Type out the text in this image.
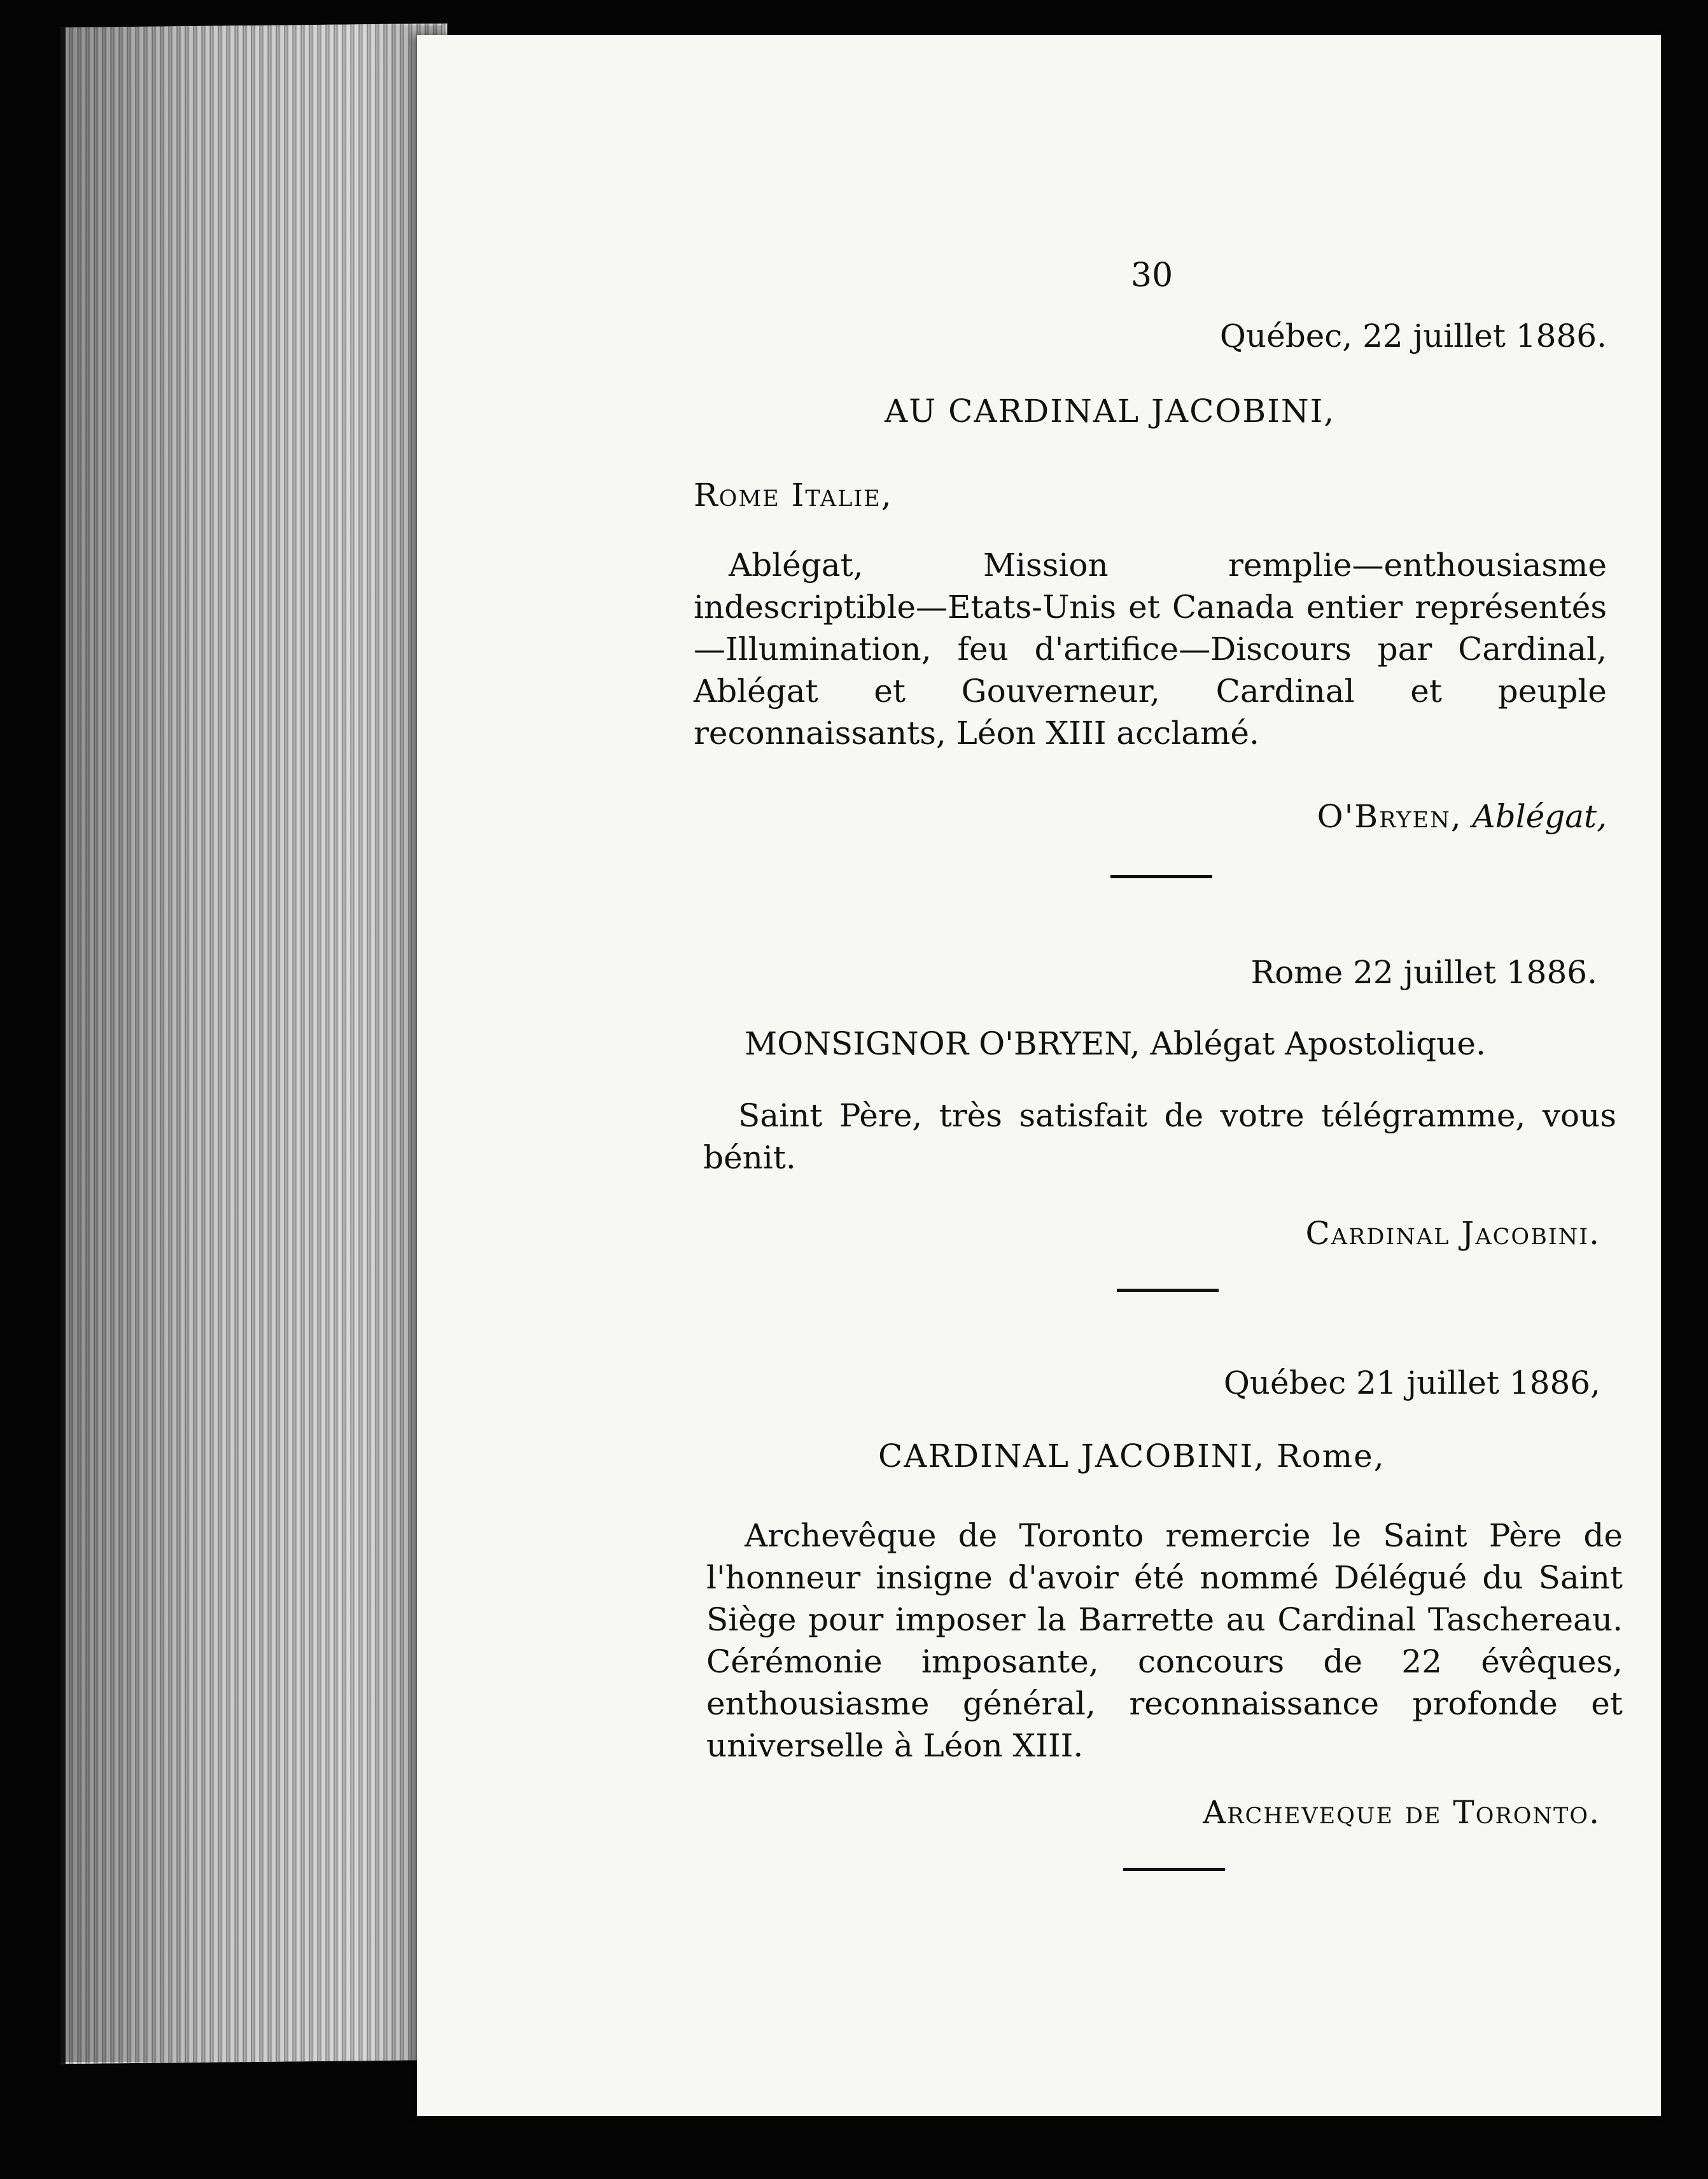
30
Québec, 22 juillet 1886.
AU CARDINAL JACOBINI,
Rome Italie,
Ablégat, Mission remplie—enthousiasme indescriptible—Etats-Unis et Canada entier représentés—Illumination, feu d'artifice—Discours par Cardinal, Ablégat et Gouverneur, Cardinal et peuple reconnaissants, Léon XIII acclamé.
O'Bryen, Ablégat,
Rome 22 juillet 1886.
MONSIGNOR O'BRYEN, Ablégat Apostolique.
Saint Père, très satisfait de votre télégramme, vous bénit.
Cardinal Jacobini.
Québec 21 juillet 1886,
CARDINAL JACOBINI, Rome,
Archevêque de Toronto remercie le Saint Père de l'honneur insigne d'avoir été nommé Délégué du Saint Siège pour imposer la Barrette au Cardinal Taschereau. Cérémonie imposante, concours de 22 évêques, enthousiasme général, reconnaissance profonde et universelle à Léon XIII.
Archeveque de Toronto.
